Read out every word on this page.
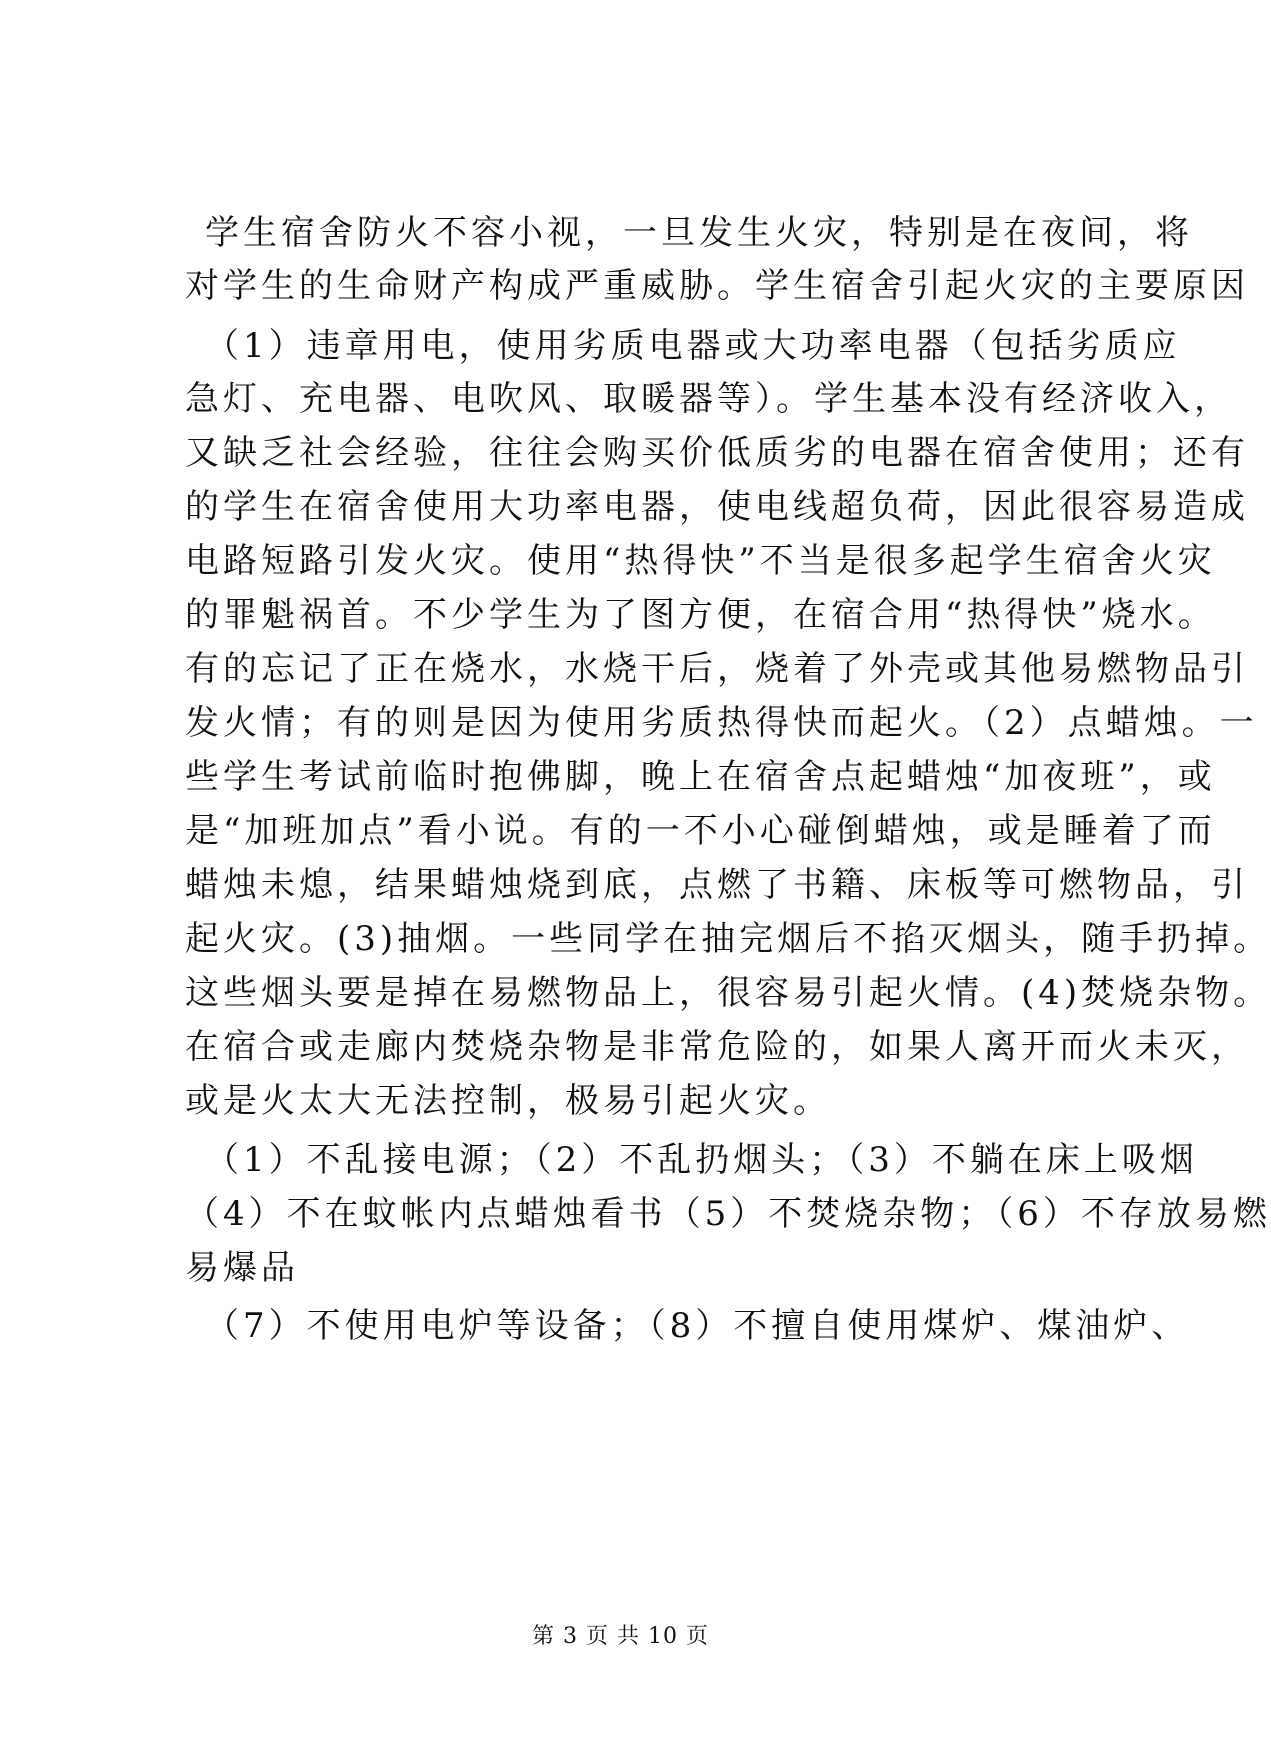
学生宿舍防火不容小视，一旦发生火灾，特别是在夜间，将
对学生的生命财产构成严重威胁。学生宿舍引起火灾的主要原因
（1）违章用电，使用劣质电器或大功率电器（包括劣质应
急灯、充电器、电吹风、取暖器等）。学生基本没有经济收入，
又缺乏社会经验，往往会购买价低质劣的电器在宿舍使用；还有
的学生在宿舍使用大功率电器，使电线超负荷，因此很容易造成
电路短路引发火灾。使用“热得快”不当是很多起学生宿舍火灾
的罪魁祸首。不少学生为了图方便，在宿合用“热得快”烧水。
有的忘记了正在烧水，水烧干后，烧着了外壳或其他易燃物品引
发火情；有的则是因为使用劣质热得快而起火。（2）点蜡烛。一
些学生考试前临时抱佛脚，晚上在宿舍点起蜡烛“加夜班”，或
是“加班加点”看小说。有的一不小心碰倒蜡烛，或是睡着了而
蜡烛未熄，结果蜡烛烧到底，点燃了书籍、床板等可燃物品，引
起火灾。(3)抽烟。一些同学在抽完烟后不掐灭烟头，随手扔掉。
这些烟头要是掉在易燃物品上，很容易引起火情。(4)焚烧杂物。
在宿合或走廊内焚烧杂物是非常危险的，如果人离开而火未灭，
或是火太大无法控制，极易引起火灾。
（1）不乱接电源；（2）不乱扔烟头；（3）不躺在床上吸烟
（4）不在蚊帐内点蜡烛看书（5）不焚烧杂物；（6）不存放易燃
易爆品
（7）不使用电炉等设备；（8）不擅自使用煤炉、煤油炉、
第 3 页 共 10 页
